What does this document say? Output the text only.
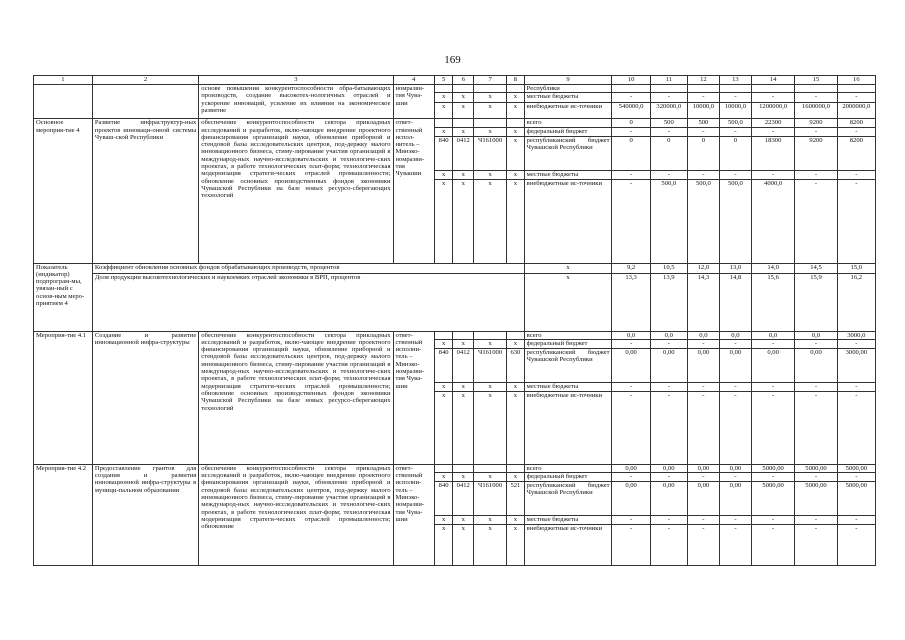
169
1	2	3	4	5	6	7	8	9	10	11	12	13	14	15	16
		основе повышения конкурентоспособности обра-батывающих производств, создание высокотех-нологичных отраслей и ускорение инноваций, усиление их влияния на экономическое развитие	номразви-тия Чува-шии					Республики							
				x	x	x	x	местные бюджеты	-	-	-	-	-	-	-
				x	x	x	x	внебюджетные ис-точники	540000,0	320000,0	10000,0	10000,0	1200000,0	1600000,0	2000000,0
Основное мероприя-тие 4	Развитие инфраструктур-ных проектов инноваци-онной системы Чуваш-ской Республики	обеспечение конкурентоспособности сектора прикладных исследований и разработок, вклю-чающее внедрение проектного финансирования организаций науки, обновление приборной и стендовой базы исследовательских центров, под-держку малого инновационного бизнеса, стиму-лирование участия организаций в международ-ных научно-исследовательских и технологиче-ских проектах, в работе технологических плат-форм; технологическая модернизация стратеги-ческих отраслей промышленности; обновление основных производственных фондов экономики Чувашской Республики на базе новых ресурсо-сберегающих технологий	ответ-ственный испол-нитель – Минэко-номразви-тия Чувашии					всего	0	500	500	500,0	22300	9200	8200
				x	x	x	x	федеральный бюджет	-	-	-	-	-	-	-
				840	0412	Ч161000	x	республиканский бюджет Чувашской Республики	0	0	0	0	18300	9200	8200
				x	x	x	x	местные бюджеты	-	-	-	-	-	-	-
				x	x	x	x	внебюджетные ис-точники	-	500,0	500,0	500,0	4000,0	-	-
Показатель (индикатор) подпрограм-мы, увязан-ный с основ-ным меро-приятием 4	Коэффициент обновления основных фондов обрабатывающих производств, процентов							x	9,2	10,5	12,0	13,0	14,0	14,5	15,0
	Доля продукции высокотехнологических и наукоемких отраслей экономики в ВРП, процентов							x	13,3	13,9	14,3	14,8	15,6	15,9	16,2
Мероприя-тие 4.1	Создание и развитие инновационной инфра-структуры	обеспечение конкурентоспособности сектора прикладных исследований и разработок, вклю-чающее внедрение проектного финансирования организаций науки, обновление приборной и стендовой базы исследовательских центров, под-держку малого инновационного бизнеса, стиму-лирование участия организаций в международ-ных научно-исследовательских и технологиче-ских проектах, в работе технологических плат-форм; технологическая модернизация стратеги-ческих отраслей промышленности; обновление основных производственных фондов экономики Чувашской Республики на базе новых ресурсо-сберегающих технологий	ответ-ственный исполни-тель – Минэко-номразви-тия Чува-шии					всего	0,0	0,0	0,0	0,0	0,0	0,0	3000,0
				x	x	x	x	федеральный бюджет	-	-	-	-	-	-	-
				840	0412	Ч161000	630	республиканский бюджет Чувашской Республики	0,00	0,00	0,00	0,00	0,00	0,00	3000,00
				x	x	x	x	местные бюджеты	-	-	-	-	-	-	-
				x	x	x	x	внебюджетные ис-точники	-	-	-	-	-	-	-
Мероприя-тие 4.2	Предоставление грантов для создания и развития инновационной инфра-структуры в муници-пальном образовании	обеспечение конкурентоспособности сектора прикладных исследований и разработок, вклю-чающее внедрение проектного финансирования организаций науки, обновление приборной и стендовой базы исследовательских центров, под-держку малого инновационного бизнеса, стиму-лирование участия организаций в международ-ных научно-исследовательских и технологиче-ских проектах, в работе технологических плат-форм; технологическая модернизация стратеги-ческих отраслей промышленности; обновление	ответ-ственный исполни-тель – Минэко-номразви-тия Чува-шии					всего	0,00	0,00	0,00	0,00	5000,00	5000,00	5000,00
				x	x	x	x	федеральный бюджет	-	-	-	-	-	-	-
				840	0412	Ч161000	521	республиканский бюджет Чувашской Республики	0,00	0,00	0,00	0,00	5000,00	5000,00	5000,00
				x	x	x	x	местные бюджеты	-	-	-	-	-	-	-
				x	x	x	x	внебюджетные ис-точники	-	-	-	-	-	-	-
